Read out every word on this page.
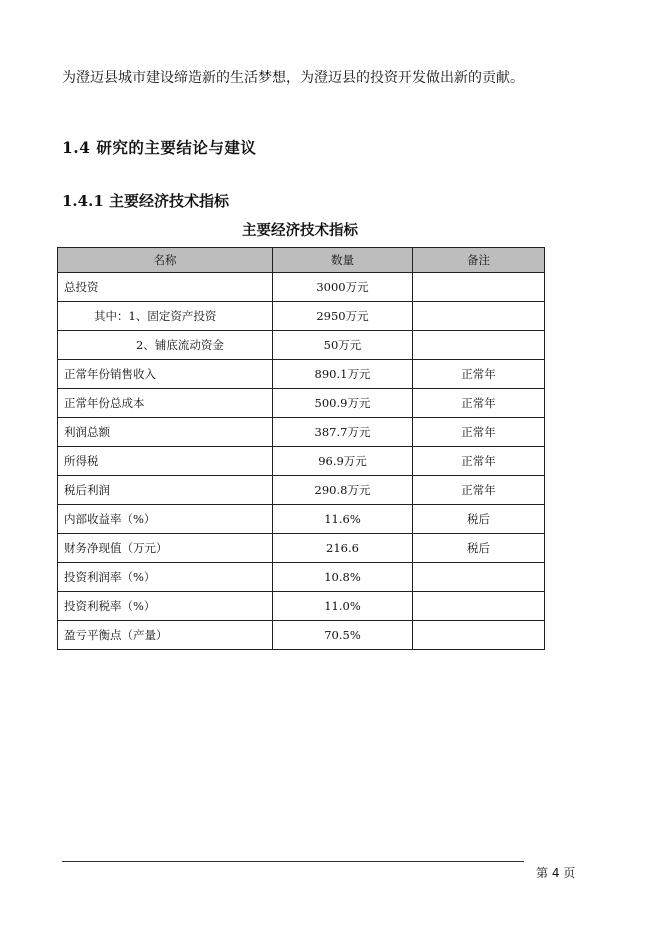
为澄迈县城市建设缔造新的生活梦想，为澄迈县的投资开发做出新的贡献。
1.4 研究的主要结论与建议
1.4.1 主要经济技术指标
主要经济技术指标
名称	数量	备注
总投资	3000万元	
其中：1、固定资产投资	2950万元	
2、铺底流动资金	50万元	
正常年份销售收入	890.1万元	正常年
正常年份总成本	500.9万元	正常年
利润总额	387.7万元	正常年
所得税	96.9万元	正常年
税后利润	290.8万元	正常年
内部收益率（%）	11.6%	税后
财务净现值（万元）	216.6	税后
投资利润率（%）	10.8%	
投资利税率（%）	11.0%	
盈亏平衡点（产量）	70.5%	
第 4 页
